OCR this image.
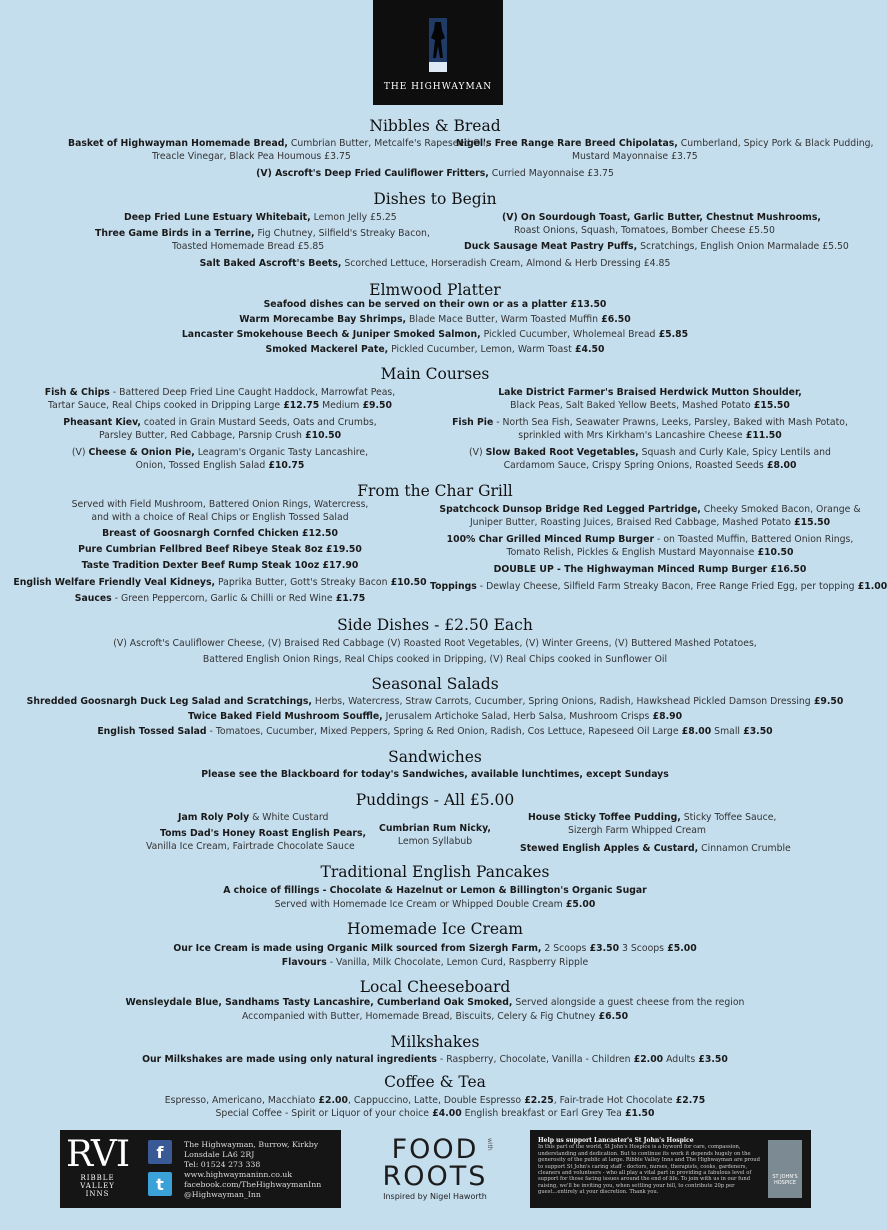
THE HIGHWAYMAN
Nibbles & Bread
Basket of Highwayman Homemade Bread, Cumbrian Butter, Metcalfe's Rapeseed Oil,
Treacle Vinegar, Black Pea Houmous £3.75
Nigel's Free Range Rare Breed Chipolatas, Cumberland, Spicy Pork & Black Pudding,
Mustard Mayonnaise £3.75
(V) Ascroft's Deep Fried Cauliflower Fritters, Curried Mayonnaise £3.75
Dishes to Begin
Deep Fried Lune Estuary Whitebait, Lemon Jelly £5.25
Three Game Birds in a Terrine, Fig Chutney, Silfield's Streaky Bacon,
Toasted Homemade Bread £5.85
(V) On Sourdough Toast, Garlic Butter, Chestnut Mushrooms,
Roast Onions, Squash, Tomatoes, Bomber Cheese £5.50
Duck Sausage Meat Pastry Puffs, Scratchings, English Onion Marmalade £5.50
Salt Baked Ascroft's Beets, Scorched Lettuce, Horseradish Cream, Almond & Herb Dressing £4.85
Elmwood Platter
Seafood dishes can be served on their own or as a platter £13.50
Warm Morecambe Bay Shrimps, Blade Mace Butter, Warm Toasted Muffin £6.50
Lancaster Smokehouse Beech & Juniper Smoked Salmon, Pickled Cucumber, Wholemeal Bread £5.85
Smoked Mackerel Pate, Pickled Cucumber, Lemon, Warm Toast £4.50
Main Courses
Fish & Chips - Battered Deep Fried Line Caught Haddock, Marrowfat Peas,
Tartar Sauce, Real Chips cooked in Dripping Large £12.75 Medium £9.50
Pheasant Kiev, coated in Grain Mustard Seeds, Oats and Crumbs,
Parsley Butter, Red Cabbage, Parsnip Crush £10.50
(V) Cheese & Onion Pie, Leagram's Organic Tasty Lancashire,
Onion, Tossed English Salad £10.75
Lake District Farmer's Braised Herdwick Mutton Shoulder,
Black Peas, Salt Baked Yellow Beets, Mashed Potato £15.50
Fish Pie - North Sea Fish, Seawater Prawns, Leeks, Parsley, Baked with Mash Potato,
sprinkled with Mrs Kirkham's Lancashire Cheese £11.50
(V) Slow Baked Root Vegetables, Squash and Curly Kale, Spicy Lentils and
Cardamom Sauce, Crispy Spring Onions, Roasted Seeds £8.00
From the Char Grill
Served with Field Mushroom, Battered Onion Rings, Watercress,
and with a choice of Real Chips or English Tossed Salad
Breast of Goosnargh Cornfed Chicken £12.50
Pure Cumbrian Fellbred Beef Ribeye Steak 8oz £19.50
Taste Tradition Dexter Beef Rump Steak 10oz £17.90
English Welfare Friendly Veal Kidneys, Paprika Butter, Gott's Streaky Bacon £10.50
Sauces - Green Peppercorn, Garlic & Chilli or Red Wine £1.75
Spatchcock Dunsop Bridge Red Legged Partridge, Cheeky Smoked Bacon, Orange &
Juniper Butter, Roasting Juices, Braised Red Cabbage, Mashed Potato £15.50
100% Char Grilled Minced Rump Burger - on Toasted Muffin, Battered Onion Rings,
Tomato Relish, Pickles & English Mustard Mayonnaise £10.50
DOUBLE UP - The Highwayman Minced Rump Burger £16.50
Toppings - Dewlay Cheese, Silfield Farm Streaky Bacon, Free Range Fried Egg, per topping £1.00
Side Dishes - £2.50 Each
(V) Ascroft's Cauliflower Cheese, (V) Braised Red Cabbage (V) Roasted Root Vegetables, (V) Winter Greens, (V) Buttered Mashed Potatoes,
Battered English Onion Rings, Real Chips cooked in Dripping, (V) Real Chips cooked in Sunflower Oil
Seasonal Salads
Shredded Goosnargh Duck Leg Salad and Scratchings, Herbs, Watercress, Straw Carrots, Cucumber, Spring Onions, Radish, Hawkshead Pickled Damson Dressing £9.50
Twice Baked Field Mushroom Souffle, Jerusalem Artichoke Salad, Herb Salsa, Mushroom Crisps £8.90
English Tossed Salad - Tomatoes, Cucumber, Mixed Peppers, Spring & Red Onion, Radish, Cos Lettuce, Rapeseed Oil Large £8.00 Small £3.50
Sandwiches
Please see the Blackboard for today's Sandwiches, available lunchtimes, except Sundays
Puddings - All £5.00
Jam Roly Poly & White Custard
Toms Dad's Honey Roast English Pears,
Vanilla Ice Cream, Fairtrade Chocolate Sauce
Cumbrian Rum Nicky,
Lemon Syllabub
House Sticky Toffee Pudding, Sticky Toffee Sauce,
Sizergh Farm Whipped Cream
Stewed English Apples & Custard, Cinnamon Crumble
Traditional English Pancakes
A choice of fillings - Chocolate & Hazelnut or Lemon & Billington's Organic Sugar
Served with Homemade Ice Cream or Whipped Double Cream £5.00
Homemade Ice Cream
Our Ice Cream is made using Organic Milk sourced from Sizergh Farm, 2 Scoops £3.50 3 Scoops £5.00
Flavours - Vanilla, Milk Chocolate, Lemon Curd, Raspberry Ripple
Local Cheeseboard
Wensleydale Blue, Sandhams Tasty Lancashire, Cumberland Oak Smoked, Served alongside a guest cheese from the region
Accompanied with Butter, Homemade Bread, Biscuits, Celery & Fig Chutney £6.50
Milkshakes
Our Milkshakes are made using only natural ingredients - Raspberry, Chocolate, Vanilla - Children £2.00 Adults £3.50
Coffee & Tea
Espresso, Americano, Macchiato £2.00, Cappuccino, Latte, Double Espresso £2.25, Fair-trade Hot Chocolate £2.75
Special Coffee - Spirit or Liquor of your choice £4.00 English breakfast or Earl Grey Tea £1.50
RVI
RIBBLE
VALLEY
INNS
f
t
The Highwayman, Burrow, Kirkby
Lonsdale LA6 2RJ
Tel: 01524 273 338
www.highwaymaninn.co.uk
facebook.com/TheHighwaymanInn
@Highwayman_Inn
FOOD	with
ROOTS
Inspired by Nigel Haworth
Help us support Lancaster's St John's Hospice
In this part of the world, St John's Hospice is a byword for care, compassion, understanding and dedication. But to continue its work it depends hugely on the generosity of the public at large. Ribble Valley Inns and The Highwayman are proud to support St John's caring staff - doctors, nurses, therapists, cooks, gardeners, cleaners and volunteers - who all play a vital part in providing a fabulous level of support for those facing issues around the end of life. To join with us in our fund raising, we'll be inviting you, when settling your bill, to contribute 20p per guest...entirely at your discretion. Thank you.
ST JOHN'S HOSPICE
